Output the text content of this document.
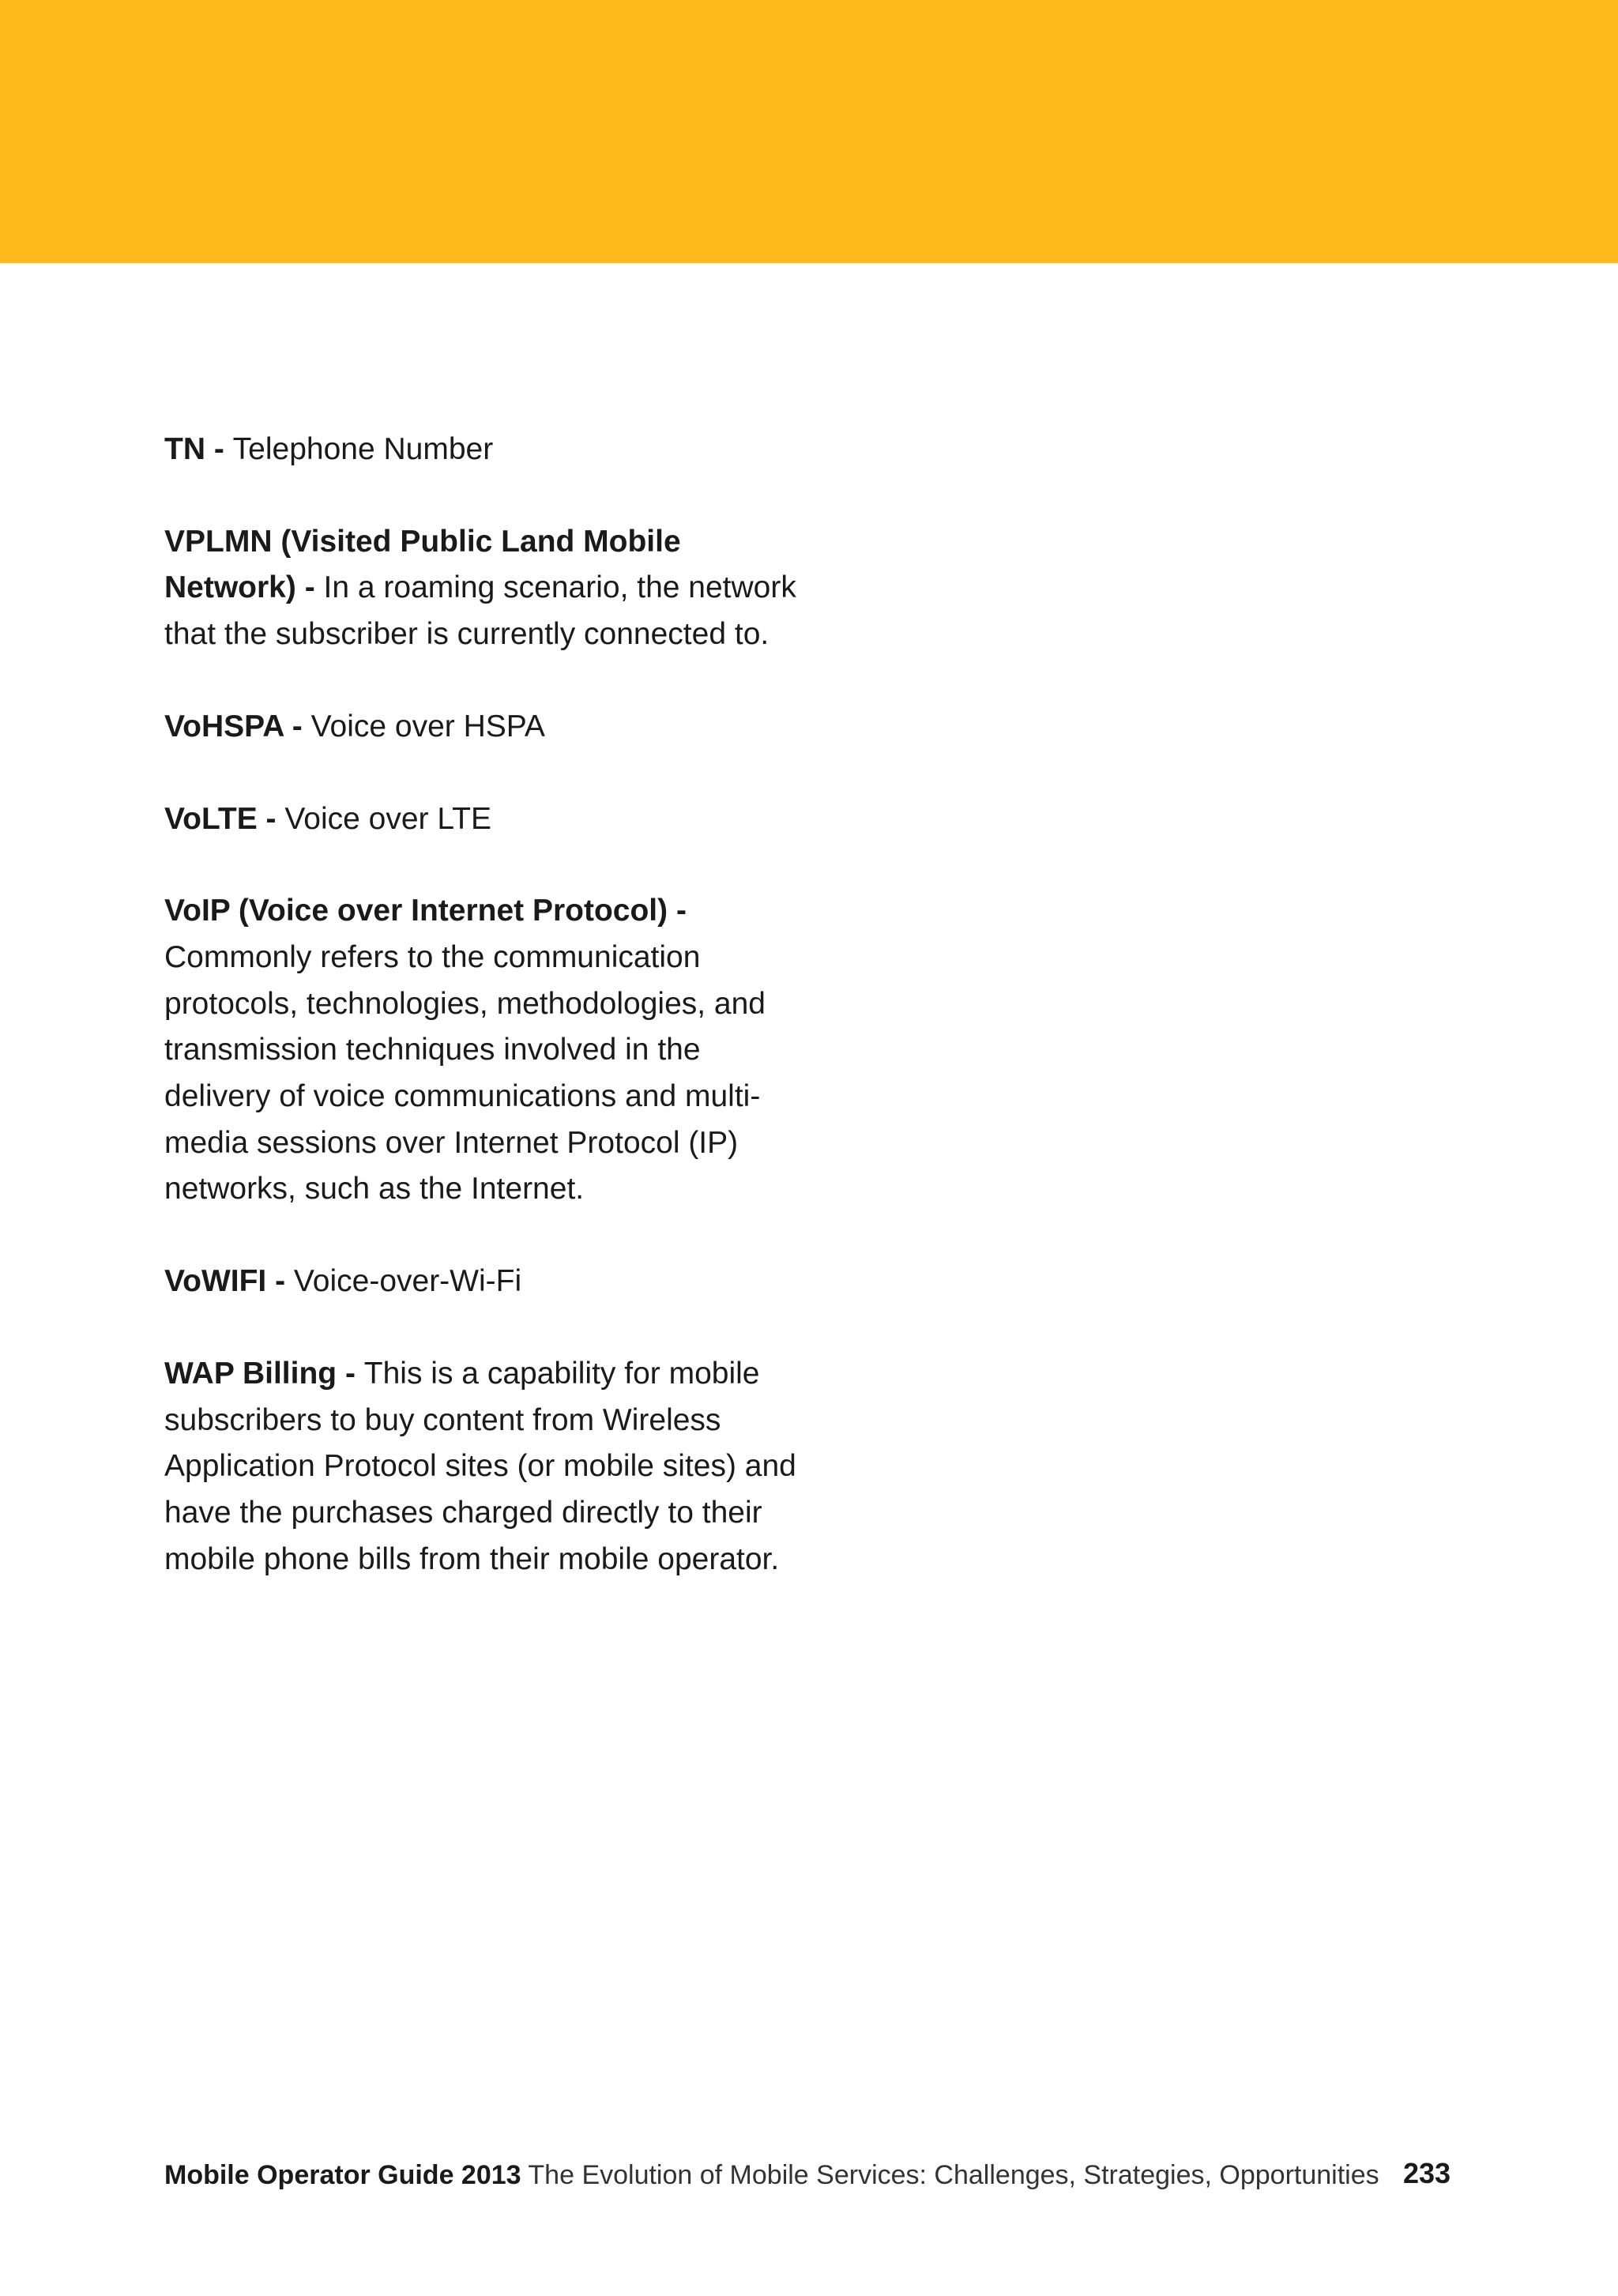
TN - Telephone Number

VPLMN (Visited Public Land Mobile Network) - In a roaming scenario, the network that the subscriber is currently connected to.

VoHSPA - Voice over HSPA

VoLTE - Voice over LTE

VoIP (Voice over Internet Protocol) - Commonly refers to the communication protocols, technologies, methodologies, and transmission techniques involved in the delivery of voice communications and multi-media sessions over Internet Protocol (IP) networks, such as the Internet.

VoWIFI - Voice-over-Wi-Fi

WAP Billing - This is a capability for mobile subscribers to buy content from Wireless Application Protocol sites (or mobile sites) and have the purchases charged directly to their mobile phone bills from their mobile operator.

Mobile Operator Guide 2013 The Evolution of Mobile Services: Challenges, Strategies, Opportunities 233
